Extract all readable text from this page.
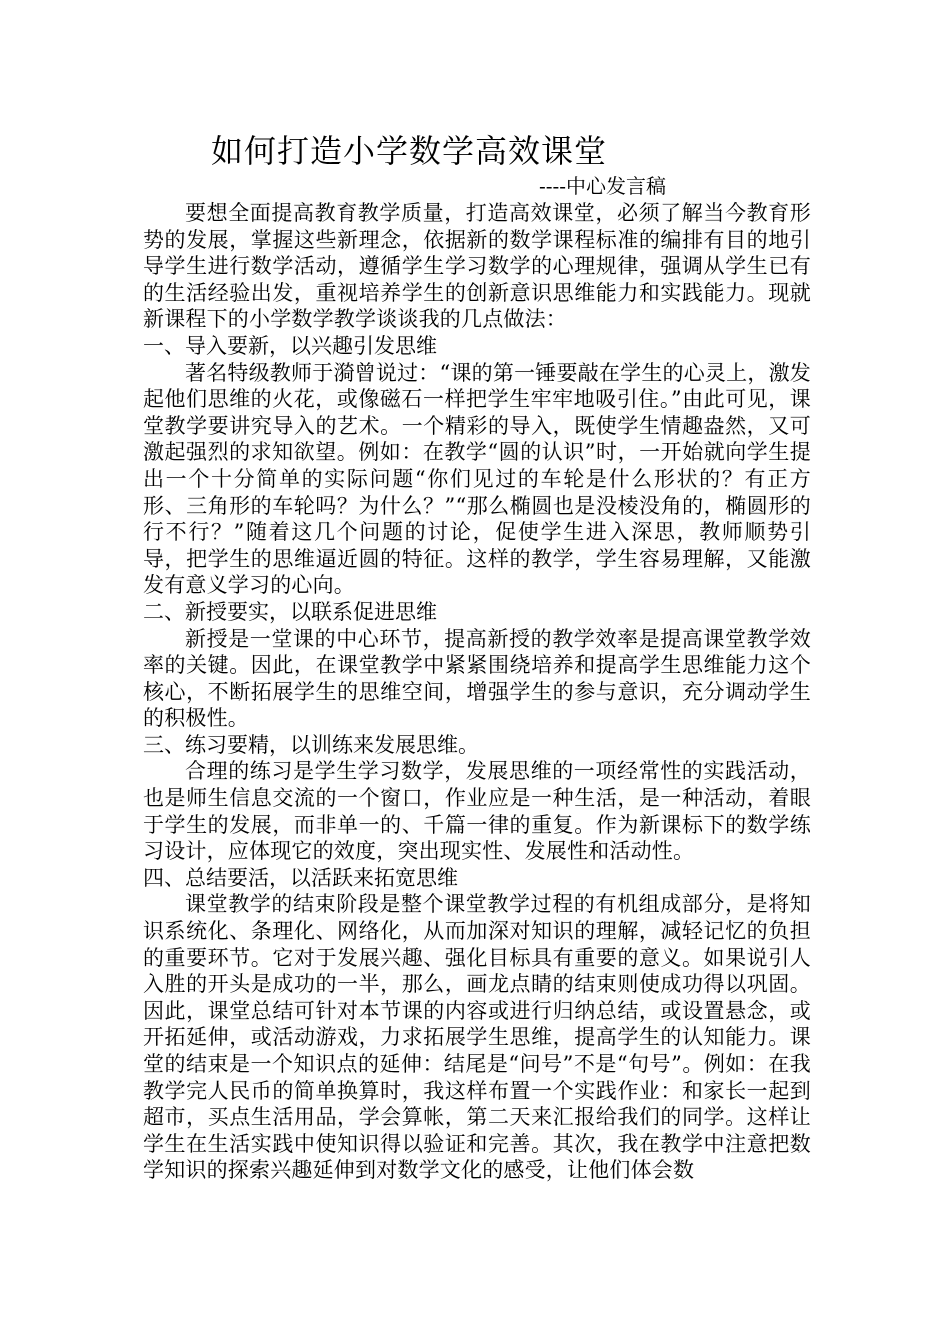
如何打造小学数学高效课堂
----中心发言稿

要想全面提高教育教学质量，打造高效课堂，必须了解当今教育形势的发展，掌握这些新理念，依据新的数学课程标准的编排有目的地引导学生进行数学活动，遵循学生学习数学的心理规律，强调从学生已有的生活经验出发，重视培养学生的创新意识思维能力和实践能力。现就新课程下的小学数学教学谈谈我的几点做法：

一、导入要新，以兴趣引发思维

著名特级教师于漪曾说过：“课的第一锤要敲在学生的心灵上，激发起他们思维的火花，或像磁石一样把学生牢牢地吸引住。”由此可见，课堂教学要讲究导入的艺术。一个精彩的导入，既使学生情趣盎然，又可激起强烈的求知欲望。例如：在教学“圆的认识”时，一开始就向学生提出一个十分简单的实际问题“你们见过的车轮是什么形状的？有正方形、三角形的车轮吗？为什么？”“那么椭圆也是没棱没角的，椭圆形的行不行？”随着这几个问题的讨论，促使学生进入深思，教师顺势引导，把学生的思维逼近圆的特征。这样的教学，学生容易理解，又能激发有意义学习的心向。

二、新授要实，以联系促进思维

新授是一堂课的中心环节，提高新授的教学效率是提高课堂教学效率的关键。因此，在课堂教学中紧紧围绕培养和提高学生思维能力这个核心，不断拓展学生的思维空间，增强学生的参与意识，充分调动学生的积极性。

三、练习要精，以训练来发展思维。

合理的练习是学生学习数学，发展思维的一项经常性的实践活动，也是师生信息交流的一个窗口，作业应是一种生活，是一种活动，着眼于学生的发展，而非单一的、千篇一律的重复。作为新课标下的数学练习设计，应体现它的效度，突出现实性、发展性和活动性。

四、总结要活，以活跃来拓宽思维

课堂教学的结束阶段是整个课堂教学过程的有机组成部分，是将知识系统化、条理化、网络化，从而加深对知识的理解，减轻记忆的负担的重要环节。它对于发展兴趣、强化目标具有重要的意义。如果说引人入胜的开头是成功的一半，那么，画龙点睛的结束则使成功得以巩固。因此，课堂总结可针对本节课的内容或进行归纳总结，或设置悬念，或开拓延伸，或活动游戏，力求拓展学生思维，提高学生的认知能力。课堂的结束是一个知识点的延伸：结尾是“问号”不是“句号”。例如：在我教学完人民币的简单换算时，我这样布置一个实践作业：和家长一起到超市，买点生活用品，学会算帐，第二天来汇报给我们的同学。这样让学生在生活实践中使知识得以验证和完善。其次，我在教学中注意把数学知识的探索兴趣延伸到对数学文化的感受，让他们体会数
